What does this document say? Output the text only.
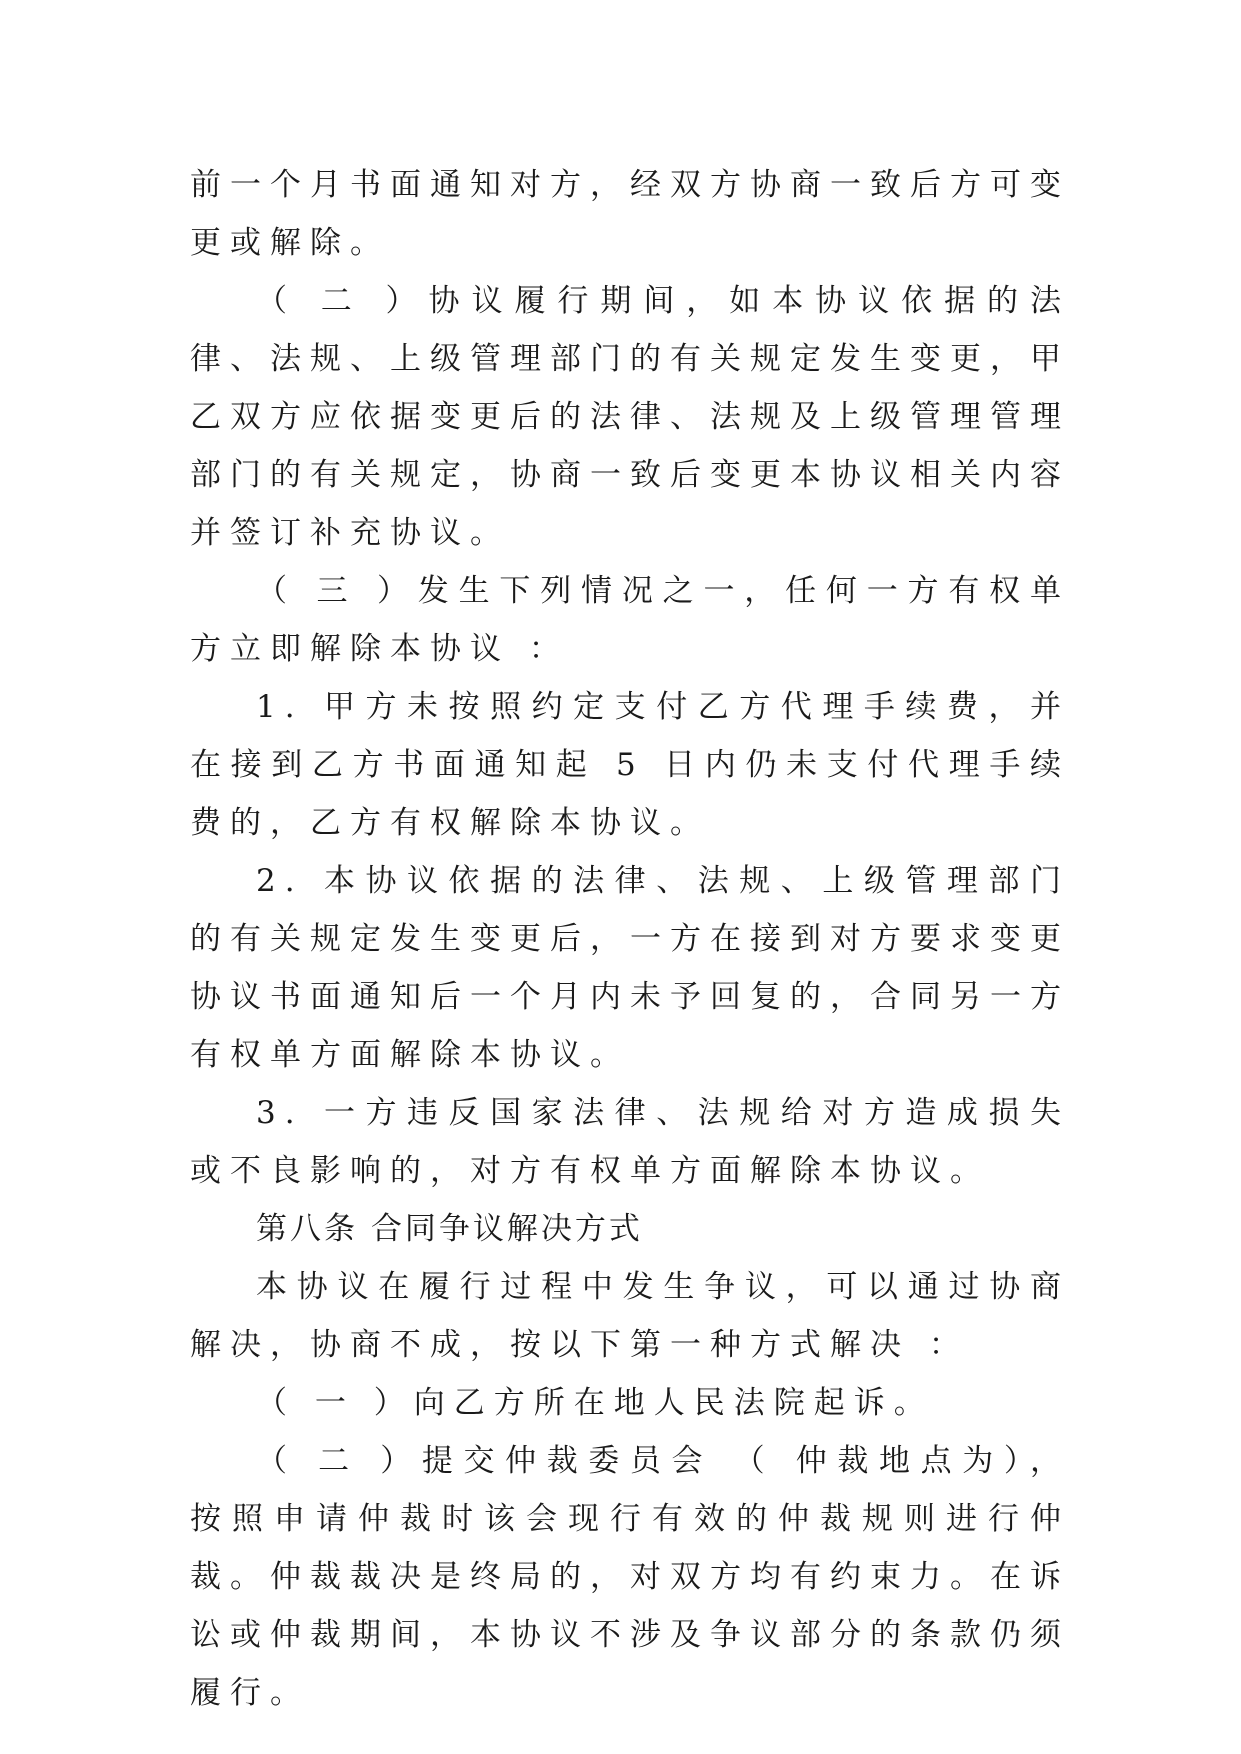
前一个月书面通知对方，经双方协商一致后方可变更或解除。

（ 二 ）协议履行期间，如本协议依据的法律、法规、上级管理部门的有关规定发生变更，甲乙双方应依据变更后的法律、法规及上级管理管理部门的有关规定，协商一致后变更本协议相关内容并签订补充协议。

（ 三 ）发生下列情况之一，任何一方有权单方立即解除本协议 ：

1. 甲方未按照约定支付乙方代理手续费，并在接到乙方书面通知起 5 日内仍未支付代理手续费的，乙方有权解除本协议。

2. 本协议依据的法律、法规、上级管理部门的有关规定发生变更后，一方在接到对方要求变更协议书面通知后一个月内未予回复的，合同另一方有权单方面解除本协议。

3. 一方违反国家法律、法规给对方造成损失或不良影响的，对方有权单方面解除本协议。

第八条 合同争议解决方式

本协议在履行过程中发生争议，可以通过协商解决，协商不成，按以下第一种方式解决 ：

（ 一 ）向乙方所在地人民法院起诉。

（ 二 ）提交仲裁委员会 （ 仲裁地点为），按照申请仲裁时该会现行有效的仲裁规则进行仲裁。仲裁裁决是终局的，对双方均有约束力。在诉讼或仲裁期间，本协议不涉及争议部分的条款仍须履行。
